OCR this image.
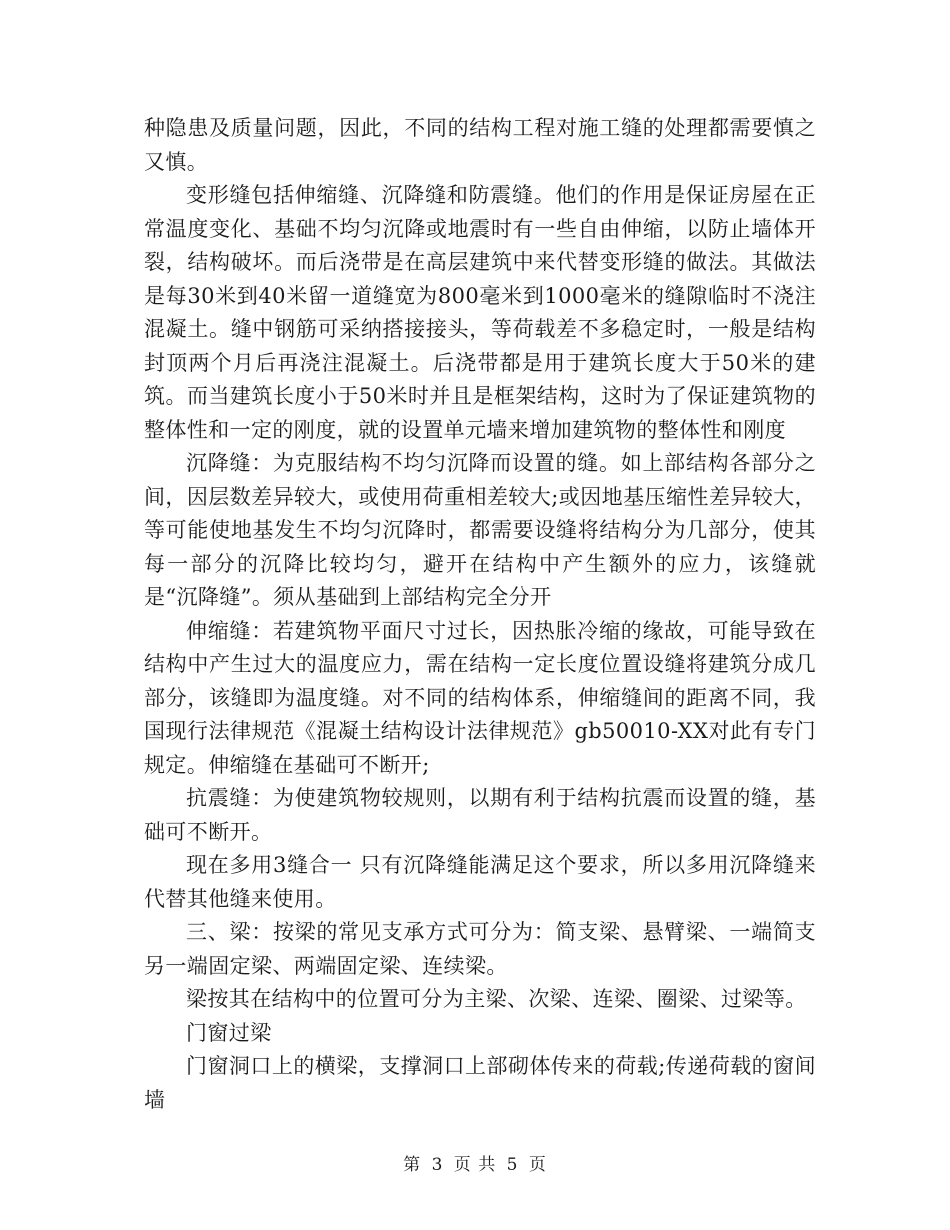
种隐患及质量问题，因此，不同的结构工程对施工缝的处理都需要慎之又慎。

变形缝包括伸缩缝、沉降缝和防震缝。他们的作用是保证房屋在正常温度变化、基础不均匀沉降或地震时有一些自由伸缩，以防止墙体开裂，结构破坏。而后浇带是在高层建筑中来代替变形缝的做法。其做法是每30米到40米留一道缝宽为800毫米到1000毫米的缝隙临时不浇注混凝土。缝中钢筋可采纳搭接接头，等荷载差不多稳定时，一般是结构封顶两个月后再浇注混凝土。后浇带都是用于建筑长度大于50米的建筑。而当建筑长度小于50米时并且是框架结构，这时为了保证建筑物的整体性和一定的刚度，就的设置单元墙来增加建筑物的整体性和刚度

沉降缝：为克服结构不均匀沉降而设置的缝。如上部结构各部分之间，因层数差异较大，或使用荷重相差较大;或因地基压缩性差异较大，等可能使地基发生不均匀沉降时，都需要设缝将结构分为几部分，使其每一部分的沉降比较均匀，避开在结构中产生额外的应力，该缝就是“沉降缝”。须从基础到上部结构完全分开

伸缩缝：若建筑物平面尺寸过长，因热胀冷缩的缘故，可能导致在结构中产生过大的温度应力，需在结构一定长度位置设缝将建筑分成几部分，该缝即为温度缝。对不同的结构体系，伸缩缝间的距离不同，我国现行法律规范《混凝土结构设计法律规范》gb50010-XX对此有专门规定。伸缩缝在基础可不断开;

抗震缝：为使建筑物较规则，以期有利于结构抗震而设置的缝，基础可不断开。

现在多用3缝合一 只有沉降缝能满足这个要求，所以多用沉降缝来代替其他缝来使用。

三、梁：按梁的常见支承方式可分为：简支梁、悬臂梁、一端简支另一端固定梁、两端固定梁、连续梁。

梁按其在结构中的位置可分为主梁、次梁、连梁、圈梁、过梁等。

门窗过梁

门窗洞口上的横梁，支撑洞口上部砌体传来的荷载;传递荷载的窗间墙

第 3 页 共 5 页
